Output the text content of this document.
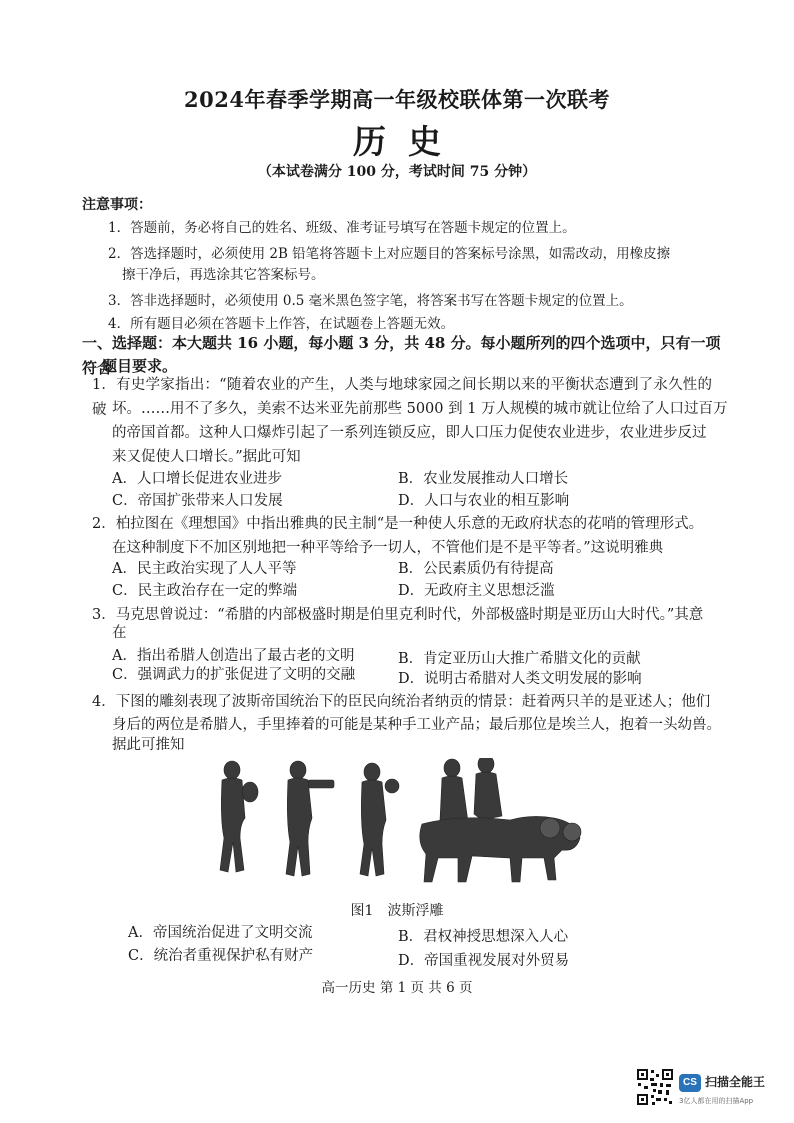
2024年春季学期高一年级校联体第一次联考
历史
（本试卷满分 100 分，考试时间 75 分钟）
注意事项：
1．答题前，务必将自己的姓名、班级、准考证号填写在答题卡规定的位置上。
2．答选择题时，必须使用 2B 铅笔将答题卡上对应题目的答案标号涂黑，如需改动，用橡皮擦
擦干净后，再选涂其它答案标号。
3．答非选择题时，必须使用 0.5 毫米黑色签字笔，将答案书写在答题卡规定的位置上。
4．所有题目必须在答题卡上作答，在试题卷上答题无效。
一、选择题：本大题共 16 小题，每小题 3 分，共 48 分。每小题所列的四个选项中，只有一项符合
题目要求。
1．有史学家指出：“随着农业的产生，人类与地球家园之间长期以来的平衡状态遭到了永久性的破 坏。……用不了多久，美索不达米亚先前那些 5000 到 1 万人规模的城市就让位给了人口过百万
的帝国首都。这种人口爆炸引起了一系列连锁反应，即人口压力促使农业进步，农业进步反过
来又促使人口增长。”据此可知
A．人口增长促进农业进步	B．农业发展推动人口增长
C．帝国扩张带来人口发展	D．人口与农业的相互影响
2．柏拉图在《理想国》中指出雅典的民主制“是一种使人乐意的无政府状态的花哨的管理形式。
在这种制度下不加区别地把一种平等给予一切人，不管他们是不是平等者。”这说明雅典
A．民主政治实现了人人平等	B．公民素质仍有待提高
C．民主政治存在一定的弊端	D．无政府主义思想泛滥
3．马克思曾说过：“希腊的内部极盛时期是伯里克利时代，外部极盛时期是亚历山大时代。”其意
在
A．指出希腊人创造出了最古老的文明	B．肯定亚历山大推广希腊文化的贡献
C．强调武力的扩张促进了文明的交融	D．说明古希腊对人类文明发展的影响
4．下图的雕刻表现了波斯帝国统治下的臣民向统治者纳贡的情景：赶着两只羊的是亚述人；他们
身后的两位是希腊人，手里捧着的可能是某种手工业产品；最后那位是埃兰人，抱着一头幼兽。
据此可推知
图1　波斯浮雕
A．帝国统治促进了文明交流	B．君权神授思想深入人心
C．统治者重视保护私有财产	D．帝国重视发展对外贸易
高一历史 第 1 页 共 6 页
CS 扫描全能王
3亿人都在用的扫描App
